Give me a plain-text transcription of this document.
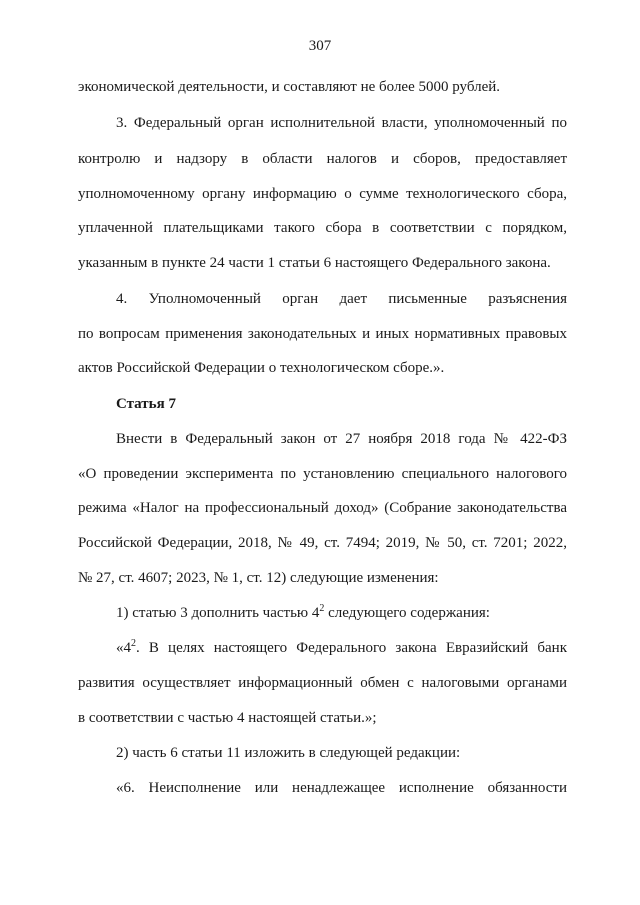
307
экономической деятельности, и составляют не более 5000 рублей.
3. Федеральный орган исполнительной власти, уполномоченный по
контролю и надзору в области налогов и сборов, предоставляет
уполномоченному органу информацию о сумме технологического сбора,
уплаченной плательщиками такого сбора в соответствии с порядком,
указанным в пункте 24 части 1 статьи 6 настоящего Федерального закона.
4. Уполномоченный орган дает письменные разъяснения
по вопросам применения законодательных и иных нормативных правовых
актов Российской Федерации о технологическом сборе.».
Статья 7
Внести в Федеральный закон от 27 ноября 2018 года № 422-ФЗ
«О проведении эксперимента по установлению специального налогового
режима «Налог на профессиональный доход» (Собрание законодательства
Российской Федерации, 2018, № 49, ст. 7494; 2019, № 50, ст. 7201; 2022,
№ 27, ст. 4607; 2023, № 1, ст. 12) следующие изменения:
1) статью 3 дополнить частью $4^2$ следующего содержания:
«$4^2$. В целях настоящего Федерального закона Евразийский банк
развития осуществляет информационный обмен с налоговыми органами
в соответствии с частью 4 настоящей статьи.»;
2) часть 6 статьи 11 изложить в следующей редакции:
«6. Неисполнение или ненадлежащее исполнение обязанности
